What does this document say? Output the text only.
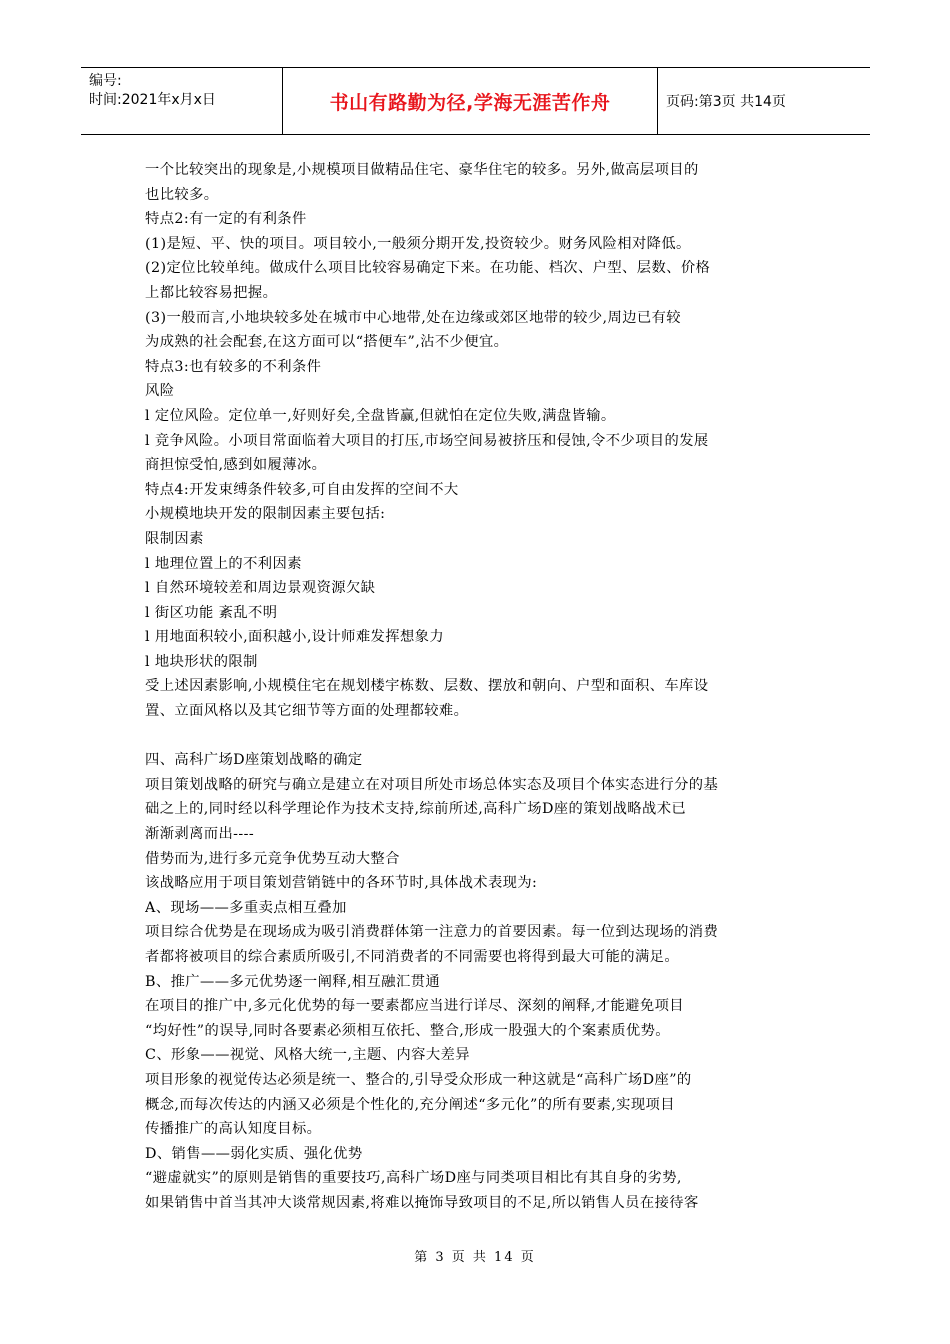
编号:
时间:2021年x月x日	书山有路勤为径,学海无涯苦作舟	页码:第3页 共14页

一个比较突出的现象是,小规模项目做精品住宅、豪华住宅的较多。另外,做高层项目的

也比较多。

特点2:有一定的有利条件

(1)是短、平、快的项目。项目较小,一般须分期开发,投资较少。财务风险相对降低。

(2)定位比较单纯。做成什么项目比较容易确定下来。在功能、档次、户型、层数、价格

上都比较容易把握。

(3)一般而言,小地块较多处在城市中心地带,处在边缘或郊区地带的较少,周边已有较

为成熟的社会配套,在这方面可以“搭便车”,沾不少便宜。

特点3:也有较多的不利条件

风险

l 定位风险。定位单一,好则好矣,全盘皆赢,但就怕在定位失败,满盘皆输。

l 竞争风险。小项目常面临着大项目的打压,市场空间易被挤压和侵蚀,令不少项目的发展

商担惊受怕,感到如履薄冰。

特点4:开发束缚条件较多,可自由发挥的空间不大

小规模地块开发的限制因素主要包括:

限制因素

l 地理位置上的不利因素

l 自然环境较差和周边景观资源欠缺

l 街区功能 紊乱不明

l 用地面积较小,面积越小,设计师难发挥想象力

l 地块形状的限制

受上述因素影响,小规模住宅在规划楼宇栋数、层数、摆放和朝向、户型和面积、车库设

置、立面风格以及其它细节等方面的处理都较难。

四、高科广场D座策划战略的确定

项目策划战略的研究与确立是建立在对项目所处市场总体实态及项目个体实态进行分的基

础之上的,同时经以科学理论作为技术支持,综前所述,高科广场D座的策划战略战术已

渐渐剥离而出----

借势而为,进行多元竞争优势互动大整合

该战略应用于项目策划营销链中的各环节时,具体战术表现为:

A、现场——多重卖点相互叠加

项目综合优势是在现场成为吸引消费群体第一注意力的首要因素。每一位到达现场的消费

者都将被项目的综合素质所吸引,不同消费者的不同需要也将得到最大可能的满足。

B、推广——多元优势逐一阐释,相互融汇贯通

在项目的推广中,多元化优势的每一要素都应当进行详尽、深刻的阐释,才能避免项目

“均好性”的误导,同时各要素必须相互依托、整合,形成一股强大的个案素质优势。

C、形象——视觉、风格大统一,主题、内容大差异

项目形象的视觉传达必须是统一、整合的,引导受众形成一种这就是“高科广场D座”的

概念,而每次传达的内涵又必须是个性化的,充分阐述“多元化”的所有要素,实现项目

传播推广的高认知度目标。

D、销售——弱化实质、强化优势

“避虚就实”的原则是销售的重要技巧,高科广场D座与同类项目相比有其自身的劣势,

如果销售中首当其冲大谈常规因素,将难以掩饰导致项目的不足,所以销售人员在接待客

第 3 页 共 14 页
